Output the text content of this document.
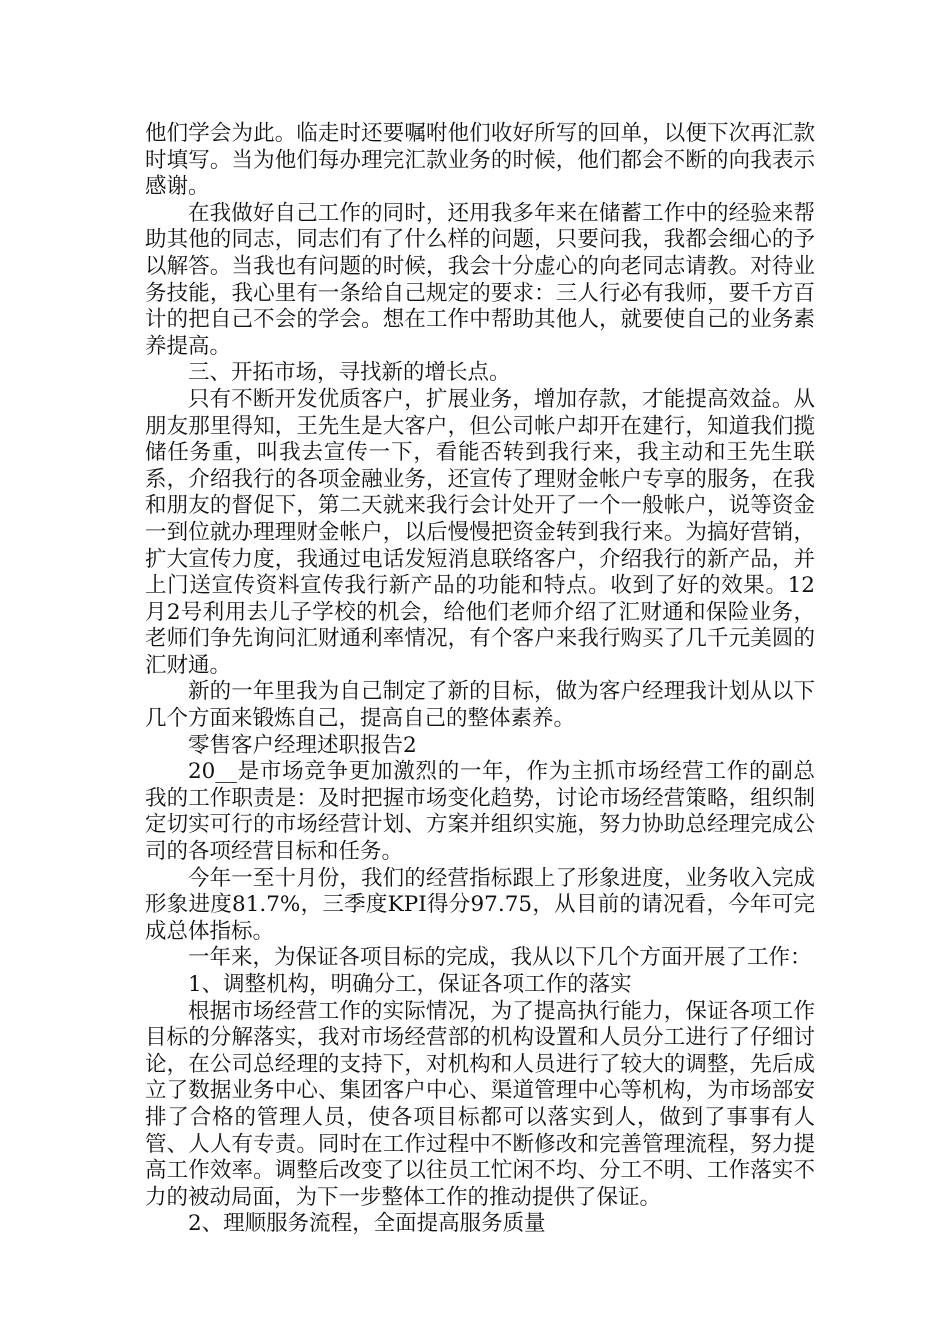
他们学会为此。临走时还要嘱咐他们收好所写的回单，以便下次再汇款时填写。当为他们每办理完汇款业务的时候，他们都会不断的向我表示感谢。

在我做好自己工作的同时，还用我多年来在储蓄工作中的经验来帮助其他的同志，同志们有了什么样的问题，只要问我，我都会细心的予以解答。当我也有问题的时候，我会十分虚心的向老同志请教。对待业务技能，我心里有一条给自己规定的要求：三人行必有我师，要千方百计的把自己不会的学会。想在工作中帮助其他人，就要使自己的业务素养提高。

三、开拓市场，寻找新的增长点。

只有不断开发优质客户，扩展业务，增加存款，才能提高效益。从朋友那里得知，王先生是大客户，但公司帐户却开在建行，知道我们揽储任务重，叫我去宣传一下，看能否转到我行来，我主动和王先生联系，介绍我行的各项金融业务，还宣传了理财金帐户专享的服务，在我和朋友的督促下，第二天就来我行会计处开了一个一般帐户，说等资金一到位就办理理财金帐户，以后慢慢把资金转到我行来。为搞好营销，扩大宣传力度，我通过电话发短消息联络客户，介绍我行的新产品，并上门送宣传资料宣传我行新产品的功能和特点。收到了好的效果。12月2号利用去儿子学校的机会，给他们老师介绍了汇财通和保险业务，老师们争先询问汇财通利率情况，有个客户来我行购买了几千元美圆的汇财通。

新的一年里我为自己制定了新的目标，做为客户经理我计划从以下几个方面来锻炼自己，提高自己的整体素养。

零售客户经理述职报告2

20__是市场竞争更加激烈的一年，作为主抓市场经营工作的副总我的工作职责是：及时把握市场变化趋势，讨论市场经营策略，组织制定切实可行的市场经营计划、方案并组织实施，努力协助总经理完成公司的各项经营目标和任务。

今年一至十月份，我们的经营指标跟上了形象进度，业务收入完成形象进度81.7%，三季度KPI得分97.75，从目前的请况看，今年可完成总体指标。

一年来，为保证各项目标的完成，我从以下几个方面开展了工作：

1、调整机构，明确分工，保证各项工作的落实

根据市场经营工作的实际情况，为了提高执行能力，保证各项工作目标的分解落实，我对市场经营部的机构设置和人员分工进行了仔细讨论，在公司总经理的支持下，对机构和人员进行了较大的调整，先后成立了数据业务中心、集团客户中心、渠道管理中心等机构，为市场部安排了合格的管理人员，使各项目标都可以落实到人，做到了事事有人管、人人有专责。同时在工作过程中不断修改和完善管理流程，努力提高工作效率。调整后改变了以往员工忙闲不均、分工不明、工作落实不力的被动局面，为下一步整体工作的推动提供了保证。

2、理顺服务流程，全面提高服务质量
